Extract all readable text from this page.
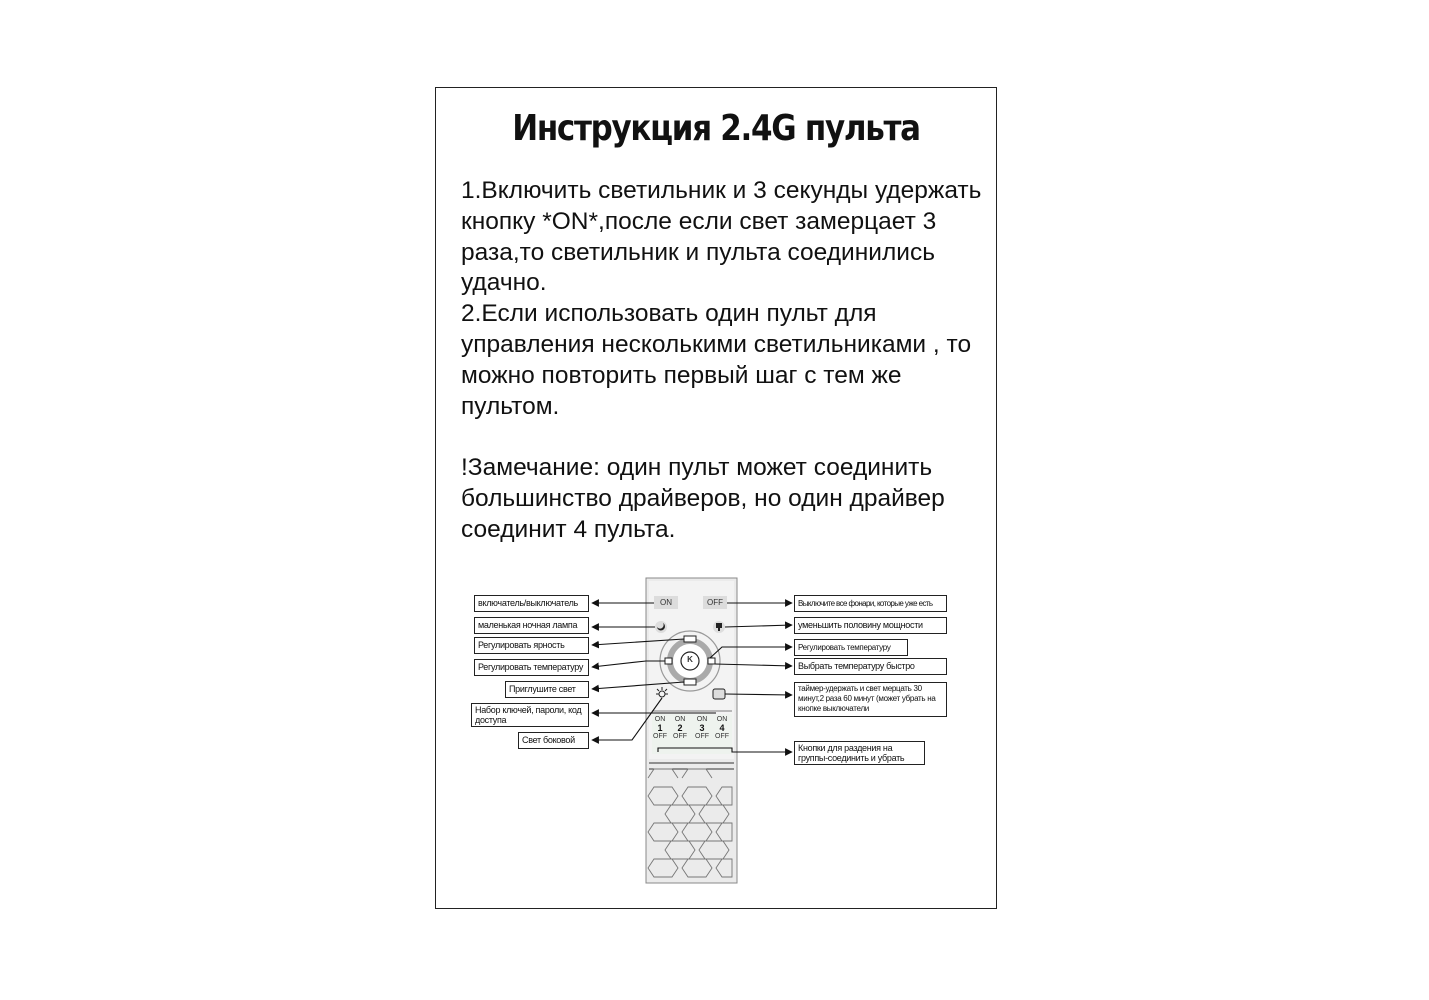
Инструкция 2.4G пульта

1.Включить светильник и 3 секунды удержать кнопку *ON*,после если свет замерцает 3 раза,то светильник и пульта соединились удачно.

2.Если использовать один пульт для управления несколькими светильниками , то можно повторить первый шаг с тем же пультом.

!Замечание: один пульт может соединить большинство драйверов, но один драйвер соединит 4 пульта.

ON	OFF
K
ON
1
OFF
ON
2
OFF
ON
3
OFF
ON
4
OFF
включатель/выключатель
маленькая ночная лампа
Регулировать ярность
Регулировать температуру
Приглушите свет
Набор ключей, пароли, код доступа
Свет боковой
Выключите все фонари, которые уже есть
уменьшить половину мощности
Регулировать температуру
Выбрать температуру быстро
таймер-удержать и свет мерцать 30 минут,2 раза 60 минут (может убрать на кнопке выключатели
Кнопки для раздения на группы-соединить и убрать
